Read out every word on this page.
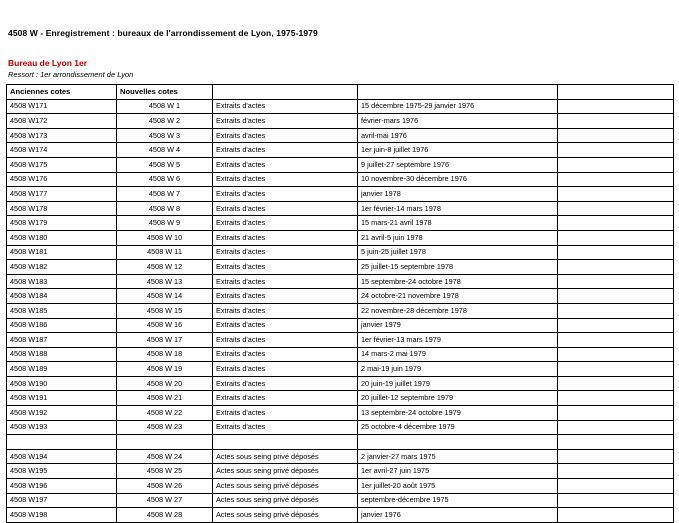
4508 W - Enregistrement : bureaux de l'arrondissement de Lyon, 1975-1979
Bureau de Lyon 1er
Ressort : 1er arrondissement de Lyon
Anciennes cotes	Nouvelles cotes			
4508 W171	4508 W 1	Extraits d'actes	15 décembre 1975-29 janvier 1976	
4508 W172	4508 W 2	Extraits d'actes	février-mars 1976	
4508 W173	4508 W 3	Extraits d'actes	avril-mai 1976	
4508 W174	4508 W 4	Extraits d'actes	1er juin-8 juillet 1976	
4508 W175	4508 W 5	Extraits d'actes	9 juillet-27 septembre 1976	
4508 W176	4508 W 6	Extraits d'actes	10 novembre-30 décembre 1976	
4508 W177	4508 W 7	Extraits d'actes	janvier 1978	
4508 W178	4508 W 8	Extraits d'actes	1er février-14 mars 1978	
4508 W179	4508 W 9	Extraits d'actes	15 mars-21 avril 1978	
4508 W180	4508 W 10	Extraits d'actes	21 avril-5 juin 1978	
4508 W181	4508 W 11	Extraits d'actes	5 juin-25 juillet 1978	
4508 W182	4508 W 12	Extraits d'actes	25 juillet-15 septembre 1978	
4508 W183	4508 W 13	Extraits d'actes	15 septembre-24 octobre 1978	
4508 W184	4508 W 14	Extraits d'actes	24 octobre-21 novembre 1978	
4508 W185	4508 W 15	Extraits d'actes	22 novembre-28 décembre 1978	
4508 W186	4508 W 16	Extraits d'actes	janvier 1979	
4508 W187	4508 W 17	Extraits d'actes	1er février-13 mars 1979	
4508 W188	4508 W 18	Extraits d'actes	14 mars-2 mai 1979	
4508 W189	4508 W 19	Extraits d'actes	2 mai-19 juin 1979	
4508 W190	4508 W 20	Extraits d'actes	20 juin-19 juillet 1979	
4508 W191	4508 W 21	Extraits d'actes	20 juillet-12 septembre 1979	
4508 W192	4508 W 22	Extraits d'actes	13 septembre-24 octobre 1979	
4508 W193	4508 W 23	Extraits d'actes	25 octobre-4 décembre 1979	

4508 W194	4508 W 24	Actes sous seing privé déposés	2 janvier-27 mars 1975	
4508 W195	4508 W 25	Actes sous seing privé déposés	1er avril-27 juin 1975	
4508 W196	4508 W 26	Actes sous seing privé déposés	1er juillet-20 août 1975	
4508 W197	4508 W 27	Actes sous seing privé déposés	septembre-décembre 1975	
4508 W198	4508 W 28	Actes sous seing privé déposés	janvier 1976	
